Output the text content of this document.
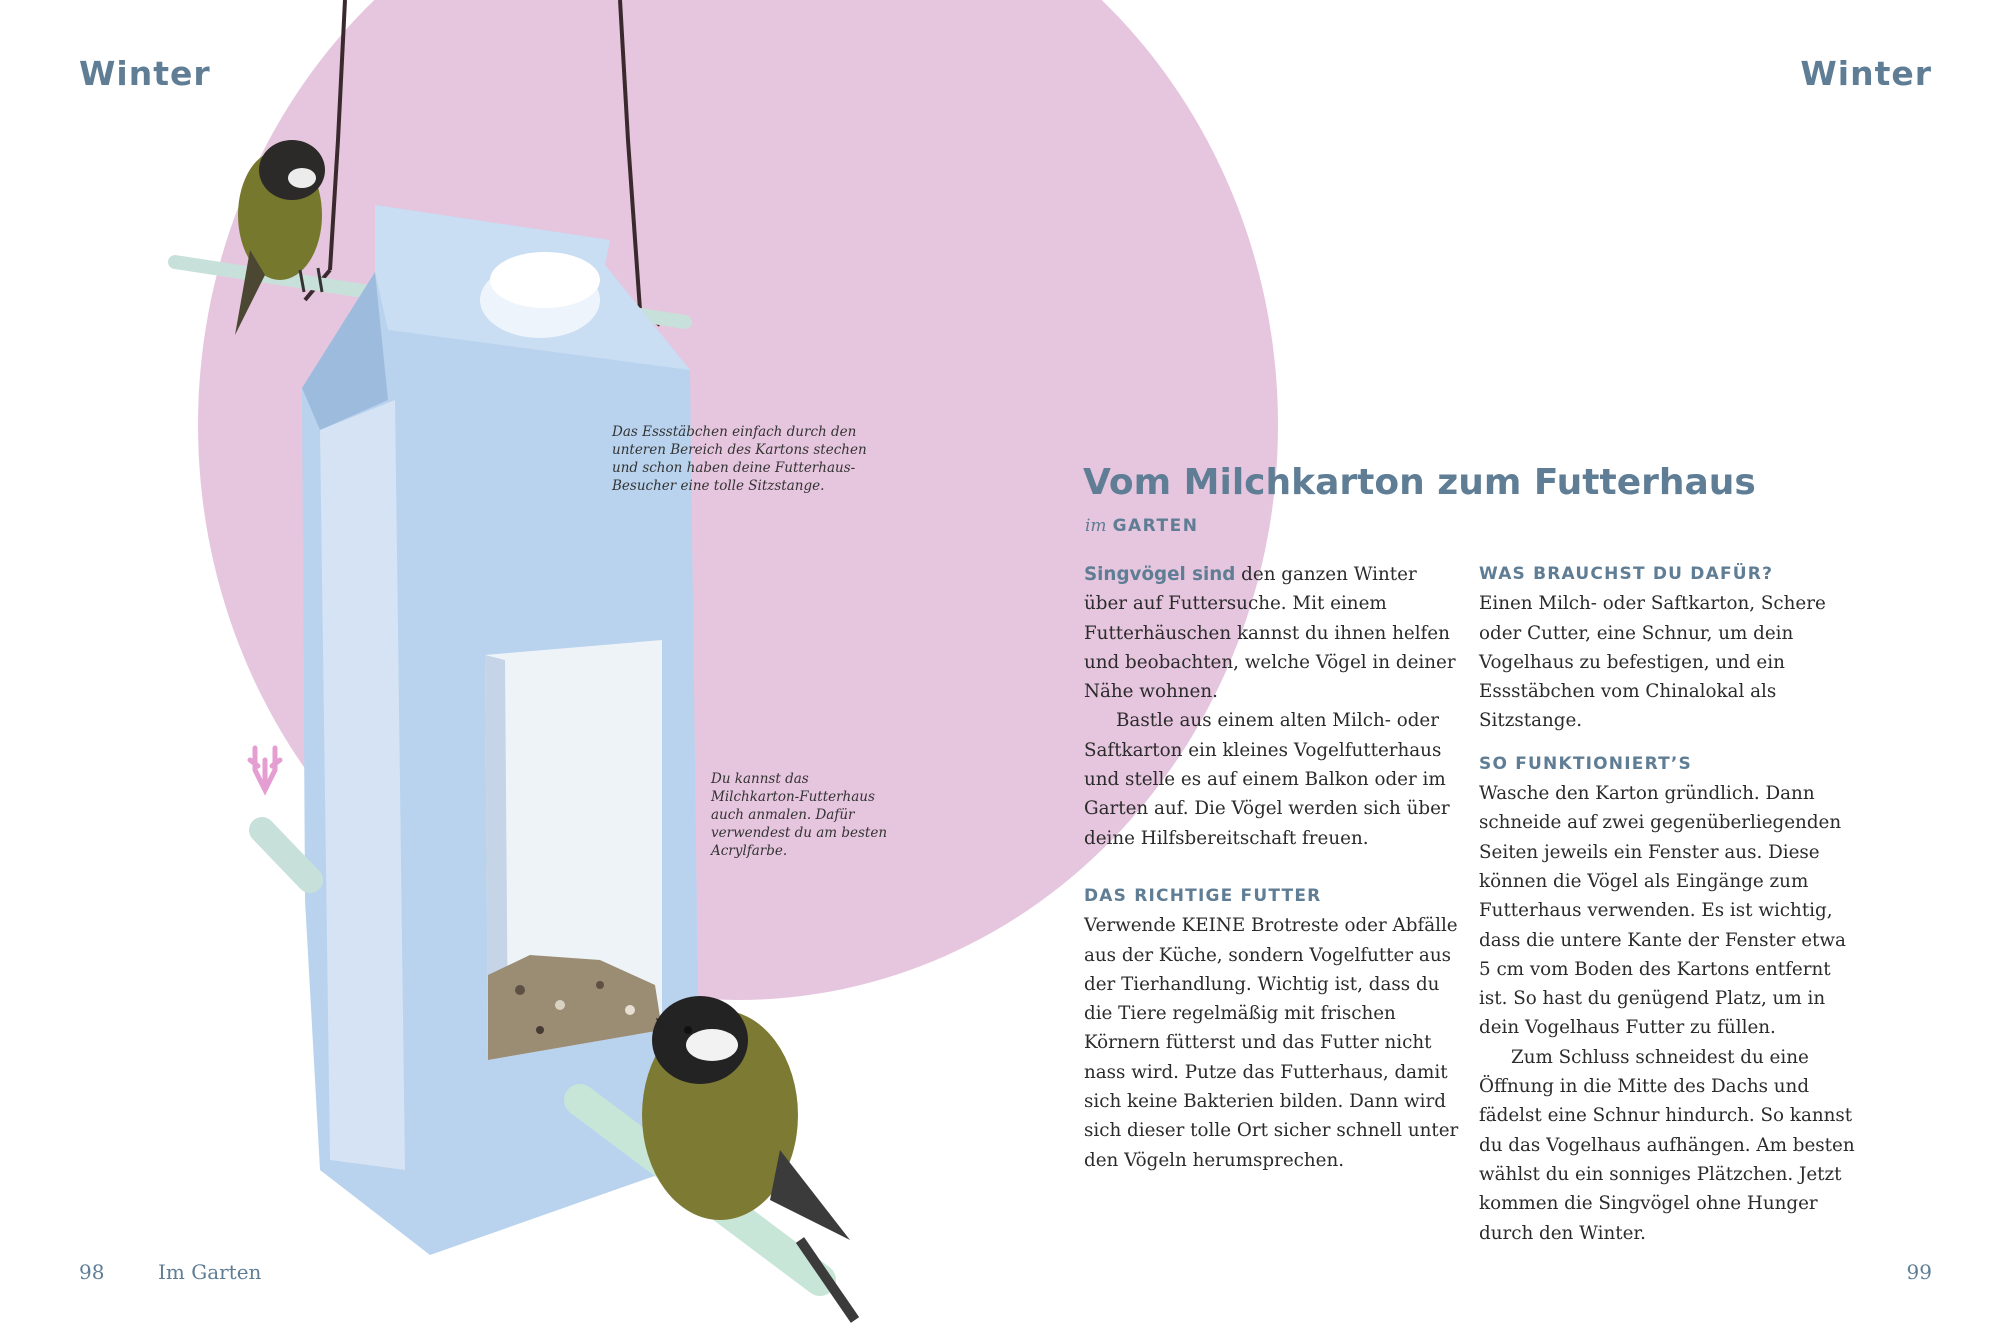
Winter	Winter
Das Essstäbchen einfach durch den unteren Bereich des Kartons stechen und schon haben deine Futterhaus-Besucher eine tolle Sitzstange.
Du kannst das Milchkarton-Futterhaus auch anmalen. Dafür verwendest du am besten Acrylfarbe.
Vom Milchkarton zum Futterhaus
im GARTEN

Singvögel sind den ganzen Winter über auf Futtersuche. Mit einem Futterhäuschen kannst du ihnen helfen und beobachten, welche Vögel in deiner Nähe wohnen.

Bastle aus einem alten Milch- oder Saftkarton ein kleines Vogelfutterhaus und stelle es auf einem Balkon oder im Garten auf. Die Vögel werden sich über deine Hilfsbereitschaft freuen.

DAS RICHTIGE FUTTER

Verwende KEINE Brotreste oder Abfälle aus der Küche, sondern Vogelfutter aus der Tierhandlung. Wichtig ist, dass du die Tiere regelmäßig mit frischen Körnern fütterst und das Futter nicht nass wird. Putze das Futterhaus, damit sich keine Bakterien bilden. Dann wird sich dieser tolle Ort sicher schnell unter den Vögeln herumsprechen.

WAS BRAUCHST DU DAFÜR?

Einen Milch- oder Saftkarton, Schere oder Cutter, eine Schnur, um dein Vogelhaus zu befestigen, und ein Essstäbchen vom Chinalokal als Sitzstange.

SO FUNKTIONIERT’S

Wasche den Karton gründlich. Dann schneide auf zwei gegenüberliegenden Seiten jeweils ein Fenster aus. Diese können die Vögel als Eingänge zum Futterhaus verwenden. Es ist wichtig, dass die untere Kante der Fenster etwa 5 cm vom Boden des Kartons entfernt ist. So hast du genügend Platz, um in dein Vogelhaus Futter zu füllen.

Zum Schluss schneidest du eine Öffnung in die Mitte des Dachs und fädelst eine Schnur hindurch. So kannst du das Vogelhaus aufhängen. Am besten wählst du ein sonniges Plätzchen. Jetzt kommen die Singvögel ohne Hunger durch den Winter.

98	Im Garten	99
